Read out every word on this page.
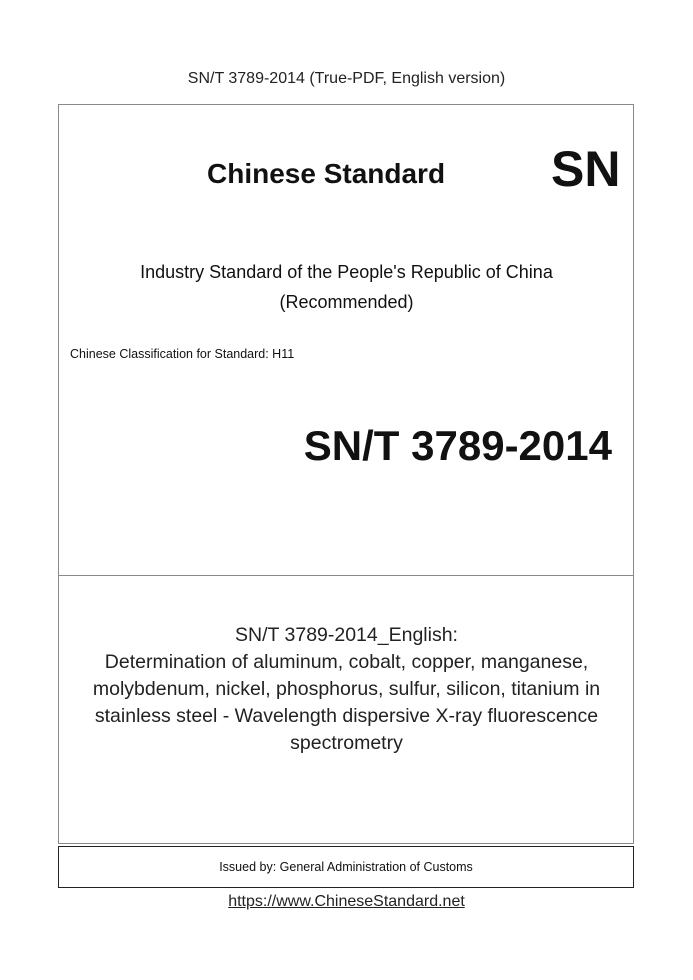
SN/T 3789-2014 (True-PDF, English version)
Chinese Standard SN
Industry Standard of the People's Republic of China
(Recommended)
Chinese Classification for Standard: H11
SN/T 3789-2014
SN/T 3789-2014_English:
Determination of aluminum, cobalt, copper, manganese,
molybdenum, nickel, phosphorus, sulfur, silicon, titanium in
stainless steel - Wavelength dispersive X-ray fluorescence
spectrometry
Issued by: General Administration of Customs
https://www.ChineseStandard.net
